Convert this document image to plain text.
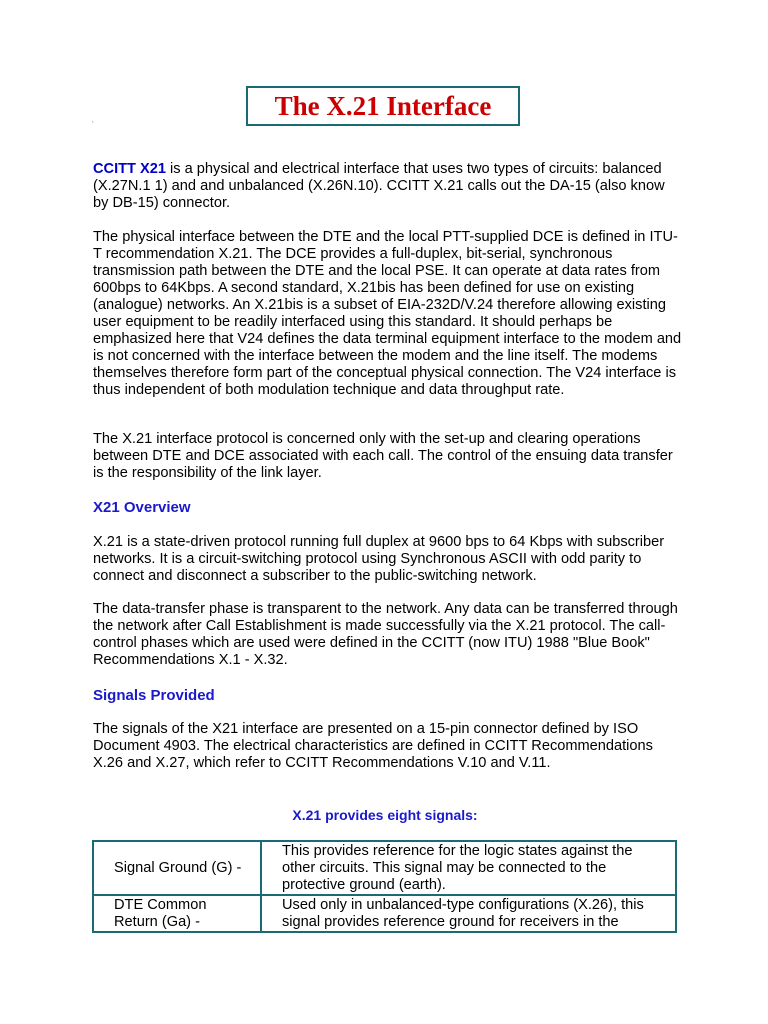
The X.21 Interface
'

CCITT X21 is a physical and electrical interface that uses two types of circuits: balanced (X.27N.1 1) and and unbalanced (X.26N.10). CCITT X.21 calls out the DA-15 (also know by DB-15) connector.

The physical interface between the DTE and the local PTT-supplied DCE is defined in ITU-T recommendation X.21. The DCE provides a full-duplex, bit-serial, synchronous transmission path between the DTE and the local PSE. It can operate at data rates from 600bps to 64Kbps. A second standard, X.21bis has been defined for use on existing (analogue) networks. An X.21bis is a subset of EIA-232D/V.24 therefore allowing existing user equipment to be readily interfaced using this standard. It should perhaps be emphasized here that V24 defines the data terminal equipment interface to the modem and is not concerned with the interface between the modem and the line itself. The modems themselves therefore form part of the conceptual physical connection. The V24 interface is thus independent of both modulation technique and data throughput rate.

The X.21 interface protocol is concerned only with the set-up and clearing operations between DTE and DCE associated with each call. The control of the ensuing data transfer is the responsibility of the link layer.

X21 Overview

X.21 is a state-driven protocol running full duplex at 9600 bps to 64 Kbps with subscriber networks. It is a circuit-switching protocol using Synchronous ASCII with odd parity to connect and disconnect a subscriber to the public-switching network.

The data-transfer phase is transparent to the network. Any data can be transferred through the network after Call Establishment is made successfully via the X.21 protocol. The call-control phases which are used were defined in the CCITT (now ITU) 1988 "Blue Book" Recommendations X.1 - X.32.

Signals Provided

The signals of the X21 interface are presented on a 15-pin connector defined by ISO Document 4903. The electrical characteristics are defined in CCITT Recommendations X.26 and X.27, which refer to CCITT Recommendations V.10 and V.11.

X.21 provides eight signals:
Signal Ground (G) -	This provides reference for the logic states against the other circuits. This signal may be connected to the protective ground (earth).
DTE Common Return (Ga) -	Used only in unbalanced-type configurations (X.26), this signal provides reference ground for receivers in the
